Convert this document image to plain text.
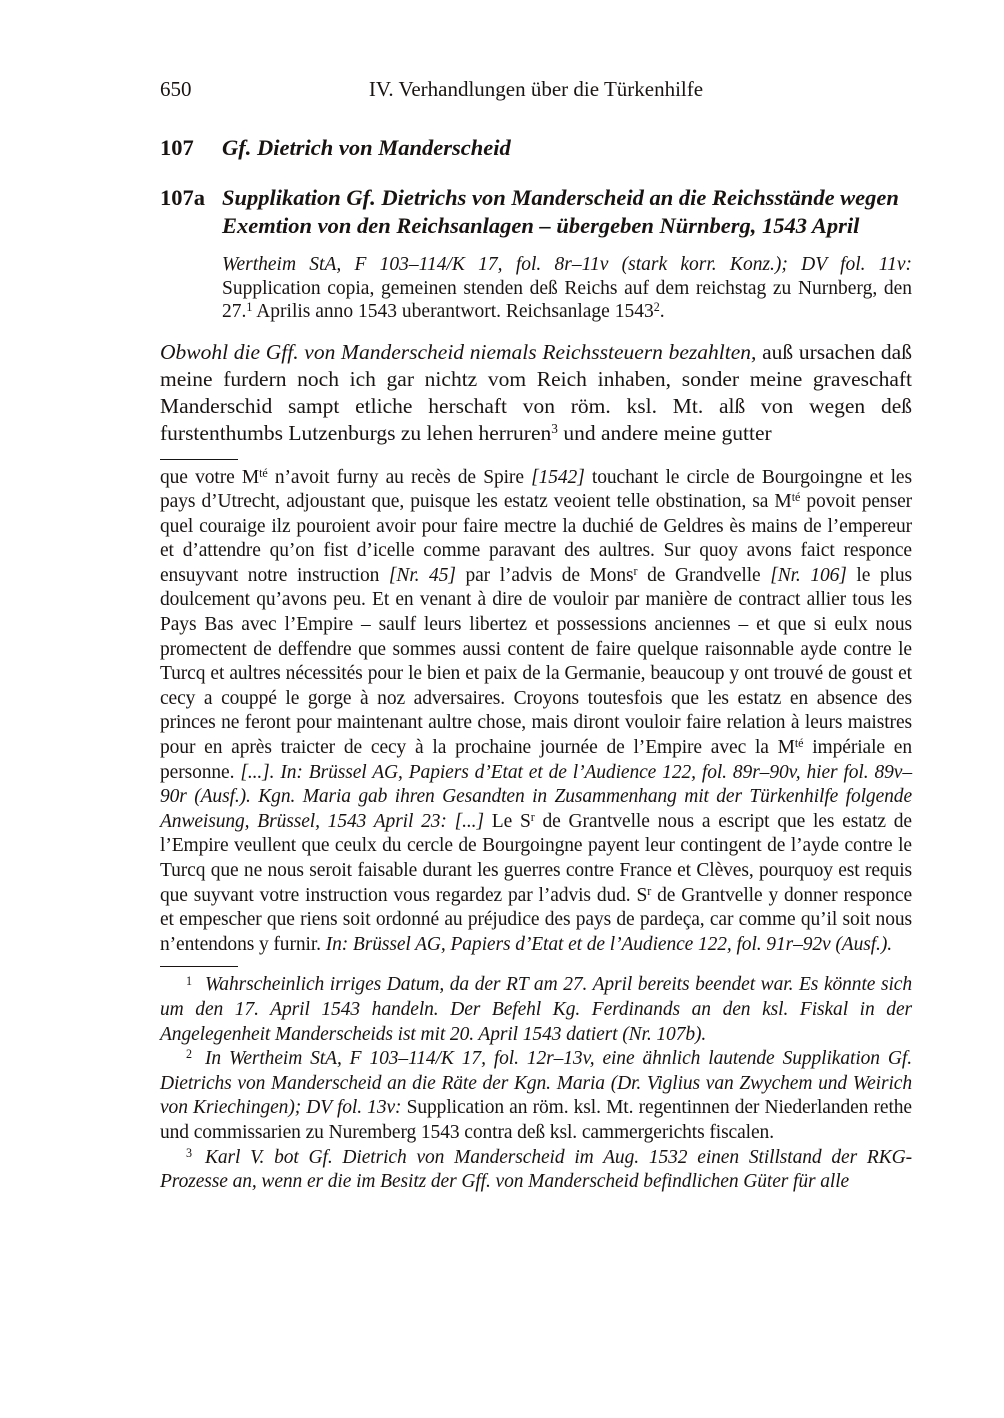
650	IV. Verhandlungen über die Türkenhilfe
107 Gf. Dietrich von Manderscheid
107a Supplikation Gf. Dietrichs von Manderscheid an die Reichsstände wegen Exemtion von den Reichsanlagen – übergeben Nürnberg, 1543 April

Wertheim StA, F 103–114/K 17, fol. 8r–11v (stark korr. Konz.); DV fol. 11v: Supplication copia, gemeinen stenden deß Reichs auf dem reichstag zu Nurnberg, den 27.$^1$ Aprilis anno 1543 uberantwort. Reichsanlage 1543$^2$.

Obwohl die Gff. von Manderscheid niemals Reichssteuern bezahlten, auß ursachen daß meine furdern noch ich gar nichtz vom Reich inhaben, sonder meine graveschaft Manderschid sampt etliche herschaft von röm. ksl. Mt. alß von wegen deß furstenthumbs Lutzenburgs zu lehen herruren$^3$ und andere meine gutter

que votre $M^{té}$ n’avoit furny au recès de Spire [1542] touchant le circle de Bourgoingne et les pays d’Utrecht, adjoustant que, puisque les estatz veoient telle obstination, sa $M^{té}$ povoit penser quel couraige ilz pouroient avoir pour faire mectre la duchié de Geldres ès mains de l’empereur et d’attendre qu’on fist d’icelle comme paravant des aultres. Sur quoy avons faict responce ensuyvant notre instruction [Nr. 45] par l’advis de Mons$^r$ de Grandvelle [Nr. 106] le plus doulcement qu’avons peu. Et en venant à dire de vouloir par manière de contract allier tous les Pays Bas avec l’Empire – saulf leurs libertez et possessions anciennes – et que si eulx nous promectent de deffendre que sommes aussi content de faire quelque raisonnable ayde contre le Turcq et aultres nécessités pour le bien et paix de la Germanie, beaucoup y ont trouvé de goust et cecy a couppé le gorge à noz adversaires. Croyons toutesfois que les estatz en absence des princes ne feront pour maintenant aultre chose, mais diront vouloir faire relation à leurs maistres pour en après traicter de cecy à la prochaine journée de l’Empire avec la $M^{té}$ impériale en personne. [...]. In: Brüssel AG, Papiers d’Etat et de l’Audience 122, fol. 89r–90v, hier fol. 89v–90r (Ausf.). Kgn. Maria gab ihren Gesandten in Zusammenhang mit der Türkenhilfe folgende Anweisung, Brüssel, 1543 April 23: [...] Le $S^r$ de Grantvelle nous a escript que les estatz de l’Empire veullent que ceulx du cercle de Bourgoingne payent leur contingent de l’ayde contre le Turcq que ne nous seroit faisable durant les guerres contre France et Clèves, pourquoy est requis que suyvant votre instruction vous regardez par l’advis dud. $S^r$ de Grantvelle y donner responce et empescher que riens soit ordonné au préjudice des pays de pardeça, car comme qu’il soit nous n’entendons y furnir. In: Brüssel AG, Papiers d’Etat et de l’Audience 122, fol. 91r–92v (Ausf.).

$^1$ Wahrscheinlich irriges Datum, da der RT am 27. April bereits beendet war. Es könnte sich um den 17. April 1543 handeln. Der Befehl Kg. Ferdinands an den ksl. Fiskal in der Angelegenheit Manderscheids ist mit 20. April 1543 datiert (Nr. 107b).

$^2$ In Wertheim StA, F 103–114/K 17, fol. 12r–13v, eine ähnlich lautende Supplikation Gf. Dietrichs von Manderscheid an die Räte der Kgn. Maria (Dr. Viglius van Zwychem und Weirich von Kriechingen); DV fol. 13v: Supplication an röm. ksl. Mt. regentinnen der Niederlanden rethe und commissarien zu Nuremberg 1543 contra deß ksl. cammergerichts fiscalen.

$^3$ Karl V. bot Gf. Dietrich von Manderscheid im Aug. 1532 einen Stillstand der RKG-Prozesse an, wenn er die im Besitz der Gff. von Manderscheid befindlichen Güter für alle
